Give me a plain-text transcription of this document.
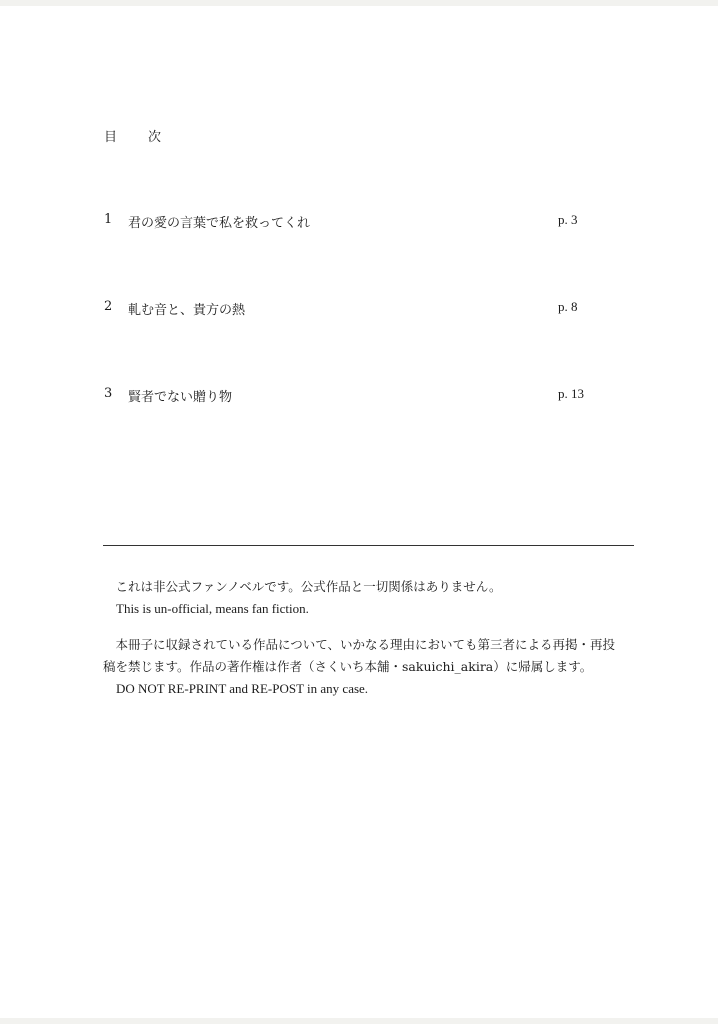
目　次
1 君の愛の言葉で私を救ってくれ	p. 3
2 軋む音と、貴方の熱	p. 8
3 賢者でない贈り物	p. 13

　これは非公式ファンノベルです。公式作品と一切関係はありません。

　This is un-official, means fan fiction.

　本冊子に収録されている作品について、いかなる理由においても第三者による再掲・再投

稿を禁じます。作品の著作権は作者（さくいち本舗・sakuichi_akira）に帰属します。

　DO NOT RE-PRINT and RE-POST in any case.
